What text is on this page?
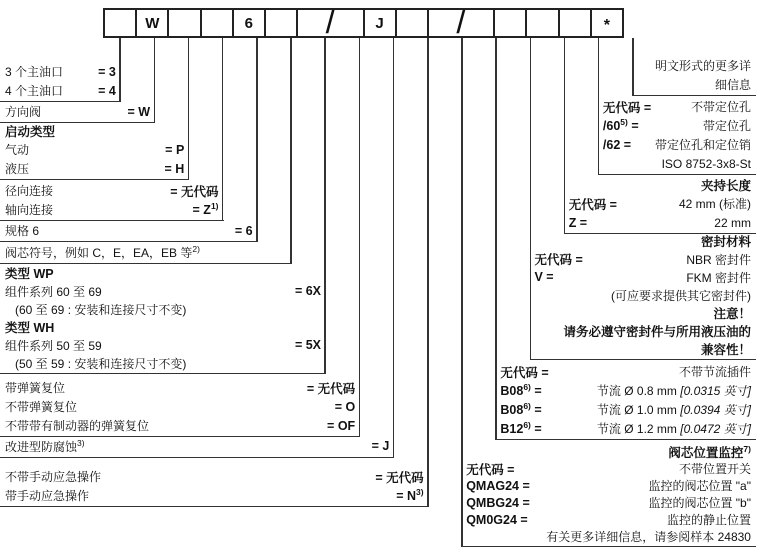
W	6 /	J /	*
3 个主油口	= 3
4 个主油口	= 4
方向阀	= W
启动类型
气动	= P
液压	= H
径向连接	= 无代码
轴向连接	= $Z^{1)}$
规格 6	= 6
阀芯符号，例如 C，E，EA，EB 等$^{2)}$
类型 WP
组件系列 60 至 69	= 6X
(60 至 69 : 安装和连接尺寸不变)
类型 WH
组件系列 50 至 59	= 5X
(50 至 59 : 安装和连接尺寸不变)
带弹簧复位	= 无代码
不带弹簧复位	= O
不带带有制动器的弹簧复位	= OF
改进型防腐蚀$^{3)}$	= J
不带手动应急操作	= 无代码
带手动应急操作	= $N^{3)}$
明文形式的更多详
细信息
无代码 =	不带定位孔
$/60^{5)}$ =	带定位孔
/62 =	带定位孔和定位销
ISO 8752-3x8-St
夹持长度
无代码 =	42 mm (标准)
Z =	22 mm
密封材料
无代码 =	NBR 密封件
V =	FKM 密封件
(可应要求提供其它密封件)
注意！
请务必遵守密封件与所用液压油的
兼容性！
无代码 =	不带节流插件
$B08^{6)}$ =	节流 Ø 0.8 mm [0.0315 英寸]
$B08^{6)}$ =	节流 Ø 1.0 mm [0.0394 英寸]
$B12^{6)}$ =	节流 Ø 1.2 mm [0.0472 英寸]
阀芯位置监控$^{7)}$
无代码 =	不带位置开关
QMAG24 =	监控的阀芯位置 "a"
QMBG24 =	监控的阀芯位置 "b"
QM0G24 =	监控的静止位置
有关更多详细信息，请参阅样本 24830
